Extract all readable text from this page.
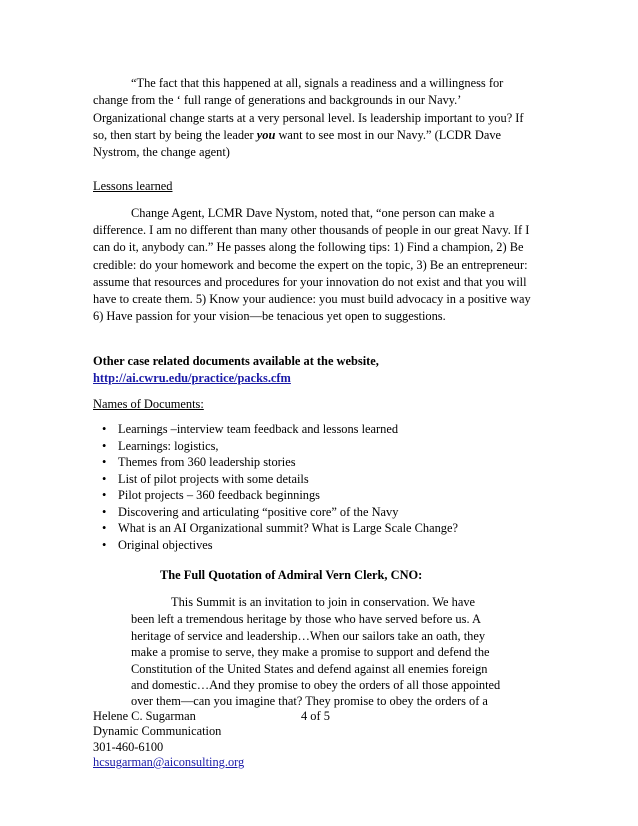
“The fact that this happened at all, signals a readiness and a willingness for
change from the ‘ full range of generations and backgrounds in our Navy.’
Organizational change starts at a very personal level. Is leadership important to you? If
so, then start by being the leader you want to see most in our Navy.” (LCDR Dave
Nystrom, the change agent)
Lessons learned
Change Agent, LCMR Dave Nystom, noted that, “one person can make a
difference. I am no different than many other thousands of people in our great Navy. If I
can do it, anybody can.” He passes along the following tips: 1) Find a champion, 2) Be
credible: do your homework and become the expert on the topic, 3) Be an entrepreneur:
assume that resources and procedures for your innovation do not exist and that you will
have to create them. 5) Know your audience: you must build advocacy in a positive way
6) Have passion for your vision—be tenacious yet open to suggestions.
Other case related documents available at the website,
http://ai.cwru.edu/practice/packs.cfm
Names of Documents:
• Learnings –interview team feedback and lessons learned
• Learnings: logistics,
• Themes from 360 leadership stories
• List of pilot projects with some details
• Pilot projects – 360 feedback beginnings
• Discovering and articulating “positive core” of the Navy
• What is an AI Organizational summit? What is Large Scale Change?
• Original objectives
The Full Quotation of Admiral Vern Clerk, CNO:
This Summit is an invitation to join in conservation. We have
been left a tremendous heritage by those who have served before us. A
heritage of service and leadership…When our sailors take an oath, they
make a promise to serve, they make a promise to support and defend the
Constitution of the United States and defend against all enemies foreign
and domestic…And they promise to obey the orders of all those appointed
over them—can you imagine that? They promise to obey the orders of a
Helene C. Sugarman	4 of 5
Dynamic Communication
301-460-6100
hcsugarman@aiconsulting.org
